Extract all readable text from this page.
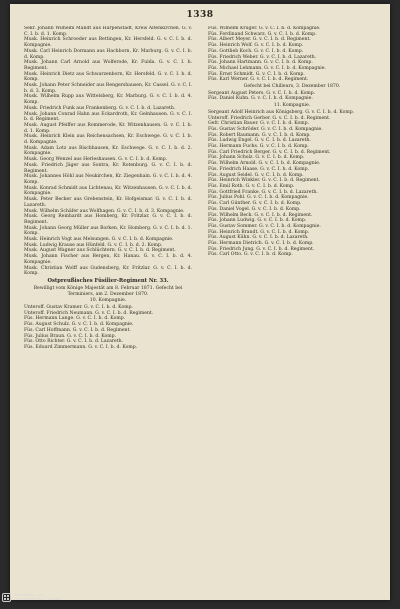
1338

Sekr. Johann Wilhelm Mandt aus Harpenstadt, Kreis Altenkirchen. G. v. C. I. b. d. 1. Komp.

Musk. Heinrich Schroeder aus Bettingen, Kr. Hersfeld. G. v. C. I. b. d. Kompagnie.

Musk. Carl Heinrich Dormann aus Hachborn, Kr. Marburg. G. v. C. I. b. d. Komp.

Musk. Johann Carl Arnold aus Wolferode, Kr. Fulda. G. v. C. I. b. Regiment.

Musk. Heinrich Dietz aus Schwarzenborn, Kr. Hersfeld. G. v. C. I. b. d. Komp.

Musk. Johann Peter Schneider aus Rengershausen, Kr. Cassel. G. v. C. I. b. d. 3. Komp.

Musk. Wilhelm Rupp aus Wittelsberg, Kr. Marburg. G. v. C. I. b. d. 4. Komp.

Musk. Friedrich Funk aus Frankenberg. G. v. C. I. b. d. Lazareth.

Musk. Johann Conrad Hahn aus Eckardroth, Kr. Gelnhausen. G. v. C. I. b. d. Regiment.

Musk. August Pfeiffer aus Rommerode, Kr. Witzenhausen. G. v. C. I. b. d. 1. Komp.

Musk. Heinrich Klein aus Reichensachsen, Kr. Eschwege. G. v. C. I. b. d. Kompagnie.

Musk. Adam Lotz aus Bischhausen, Kr. Eschwege. G. v. C. I. b. d. 2. Kompagnie.

Musk. Georg Wenzel aus Herleshausen. G. v. C. I. b. d. Komp.

Musk. Friedrich Jäger aus Sontra, Kr. Rotenburg. G. v. C. I. b. d. Regiment.

Musk. Johannes Höhl aus Neukirchen, Kr. Ziegenhain. G. v. C. I. b. d. 4. Komp.

Musk. Konrad Schmidt aus Lichtenau, Kr. Witzenhausen. G. v. C. I. b. d. Kompagnie.

Musk. Peter Becker aus Grebenstein, Kr. Hofgeismar. G. v. C. I. b. d. Lazareth.

Musk. Wilhelm Schäfer aus Wolfhagen. G. v. C. I. b. d. 3. Kompagnie.

Musk. Georg Reinhardt aus Homberg, Kr. Fritzlar. G. v. C. I. b. d. Regiment.

Musk. Johann Georg Müller aus Borken, Kr. Homberg. G. v. C. I. b. d. 1. Komp.

Musk. Heinrich Vogt aus Melsungen. G. v. C. I. b. d. Kompagnie.

Musk. Ludwig Krause aus Hünfeld. G. v. C. I. b. d. 2. Komp.

Musk. August Wagner aus Schlüchtern. G. v. C. I. b. d. Regiment.

Musk. Johann Fischer aus Bergen, Kr. Hanau. G. v. C. I. b. d. 4. Kompagnie.

Musk. Christian Wolff aus Gudensberg, Kr. Fritzlar. G. v. C. I. b. d. Komp.

Ostpreußisches Füsilier-Regiment Nr. 33.

Bewilligt vom Könige Majestät am 8. Februar 1871. Gefecht bei Terminiers, am 2. Dezember 1870.

10. Kompagnie.

Unteroff. Gustav Kramer. G. v. C. I. b. d. Komp.

Unteroff. Friedrich Neumann. G. v. C. I. b. d. Regiment.

Füs. Hermann Lange. G. v. C. I. b. d. Komp.

Füs. August Schulz. G. v. C. I. b. d. Kompagnie.

Füs. Carl Hoffmann. G. v. C. I. b. d. Regiment.

Füs. Julius Braun. G. v. C. I. b. d. Komp.

Füs. Otto Richter. G. v. C. I. b. d. Lazareth.

Füs. Eduard Zimmermann. G. v. C. I. b. d. Komp.

Füs. Wilhelm Krüger. G. v. C. I. b. d. Kompagnie.

Füs. Ferdinand Schwarz. G. v. C. I. b. d. Komp.

Füs. Albert Meyer. G. v. C. I. b. d. Regiment.

Füs. Heinrich Wolf. G. v. C. I. b. d. Komp.

Füs. Gottlieb Koch. G. v. C. I. b. d. Komp.

Füs. Friedrich Weber. G. v. C. I. b. d. Lazareth.

Füs. Johann Hartmann. G. v. C. I. b. d. Komp.

Füs. Michael Lehmann. G. v. C. I. b. d. Kompagnie.

Füs. Ernst Schmidt. G. v. C. I. b. d. Komp.

Füs. Karl Werner. G. v. C. I. b. d. Regiment.

Gefecht bei Chilleurs, 3. Dezember 1870.

Sergeant August Peters. G. v. C. I. b. d. Komp.

Füs. Daniel Kuhn. G. v. C. I. b. d. Kompagnie.

11. Kompagnie.

Sergeant Adolf Heinrich aus Königsberg. G. v. C. I. b. d. Komp.

Unteroff. Friedrich Gerber. G. v. C. I. b. d. Regiment.

Gefr. Christian Bauer. G. v. C. I. b. d. Komp.

Füs. Gustav Schröder. G. v. C. I. b. d. Kompagnie.

Füs. Robert Baumann. G. v. C. I. b. d. Komp.

Füs. Ludwig Engel. G. v. C. I. b. d. Lazareth.

Füs. Hermann Fuchs. G. v. C. I. b. d. Komp.

Füs. Carl Friedrich Berger. G. v. C. I. b. d. Regiment.

Füs. Johann Scholz. G. v. C. I. b. d. Komp.

Füs. Wilhelm Arnold. G. v. C. I. b. d. Kompagnie.

Füs. Friedrich Haase. G. v. C. I. b. d. Komp.

Füs. August Seidel. G. v. C. I. b. d. Komp.

Füs. Heinrich Winkler. G. v. C. I. b. d. Regiment.

Füs. Emil Roth. G. v. C. I. b. d. Komp.

Füs. Gottfried Franke. G. v. C. I. b. d. Lazareth.

Füs. Julius Pohl. G. v. C. I. b. d. Kompagnie.

Füs. Carl Günther. G. v. C. I. b. d. Komp.

Füs. Daniel Vogel. G. v. C. I. b. d. Komp.

Füs. Wilhelm Beck. G. v. C. I. b. d. Regiment.

Füs. Johann Ludwig. G. v. C. I. b. d. Komp.

Füs. Gustav Sommer. G. v. C. I. b. d. Kompagnie.

Füs. Heinrich Brandt. G. v. C. I. b. d. Komp.

Füs. August Kühn. G. v. C. I. b. d. Lazareth.

Füs. Hermann Dietrich. G. v. C. I. b. d. Komp.

Füs. Friedrich Jung. G. v. C. I. b. d. Regiment.

Füs. Carl Otto. G. v. C. I. b. d. Komp.

Universitäts- und
Landesbibliothek Düsseldorf
